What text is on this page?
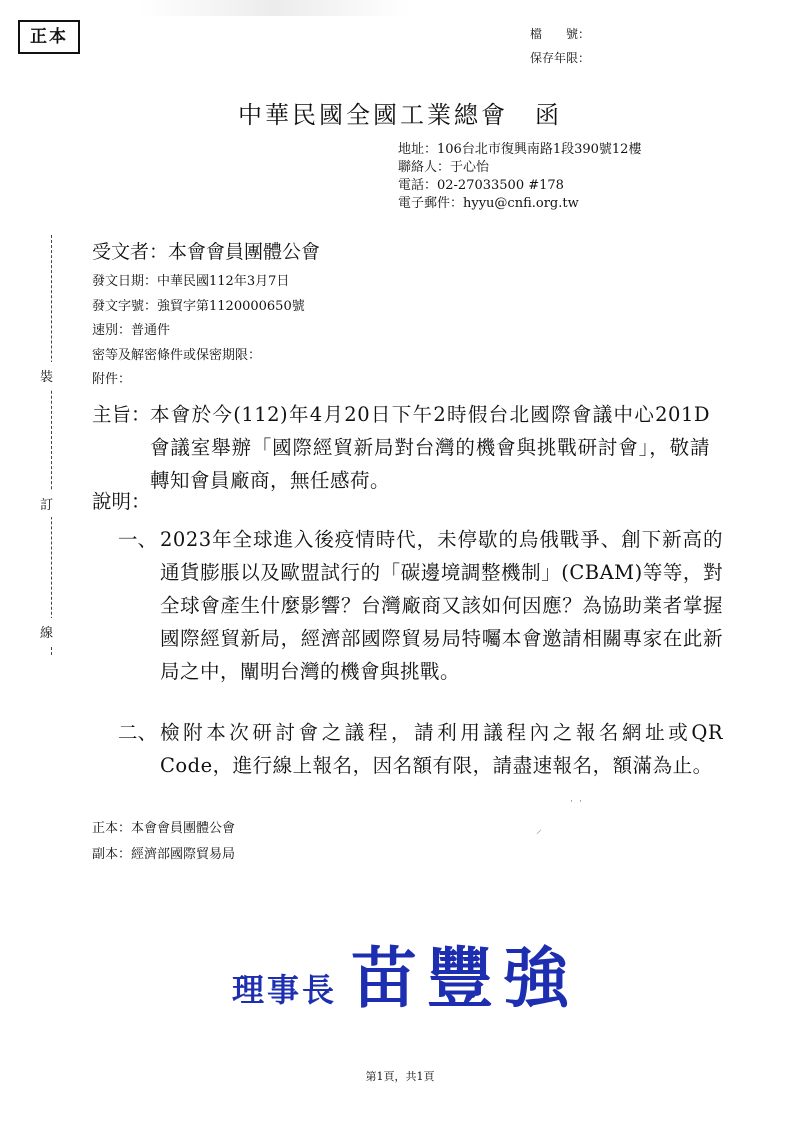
正本	檔　　號：
保存年限：
中華民國全國工業總會　函
地址：106台北市復興南路1段390號12樓
聯絡人：于心怡
電話：02-27033500 #178
電子郵件：hyyu@cnfi.org.tw
裝
訂
線
受文者：本會會員團體公會
發文日期：中華民國112年3月7日
發文字號：強貿字第1120000650號
速別：普通件
密等及解密條件或保密期限：
附件：
主旨： 本會於今(112)年4月20日下午2時假台北國際會議中心201D會議室舉辦「國際經貿新局對台灣的機會與挑戰研討會」，敬請轉知會員廠商，無任感荷。
說明：
一、 2023年全球進入後疫情時代，未停歇的烏俄戰爭、創下新高的通貨膨脹以及歐盟試行的「碳邊境調整機制」(CBAM)等等，對全球會產生什麼影響？台灣廠商又該如何因應？為協助業者掌握國際經貿新局，經濟部國際貿易局特囑本會邀請相關專家在此新局之中，闡明台灣的機會與挑戰。
二、 檢附本次研討會之議程，請利用議程內之報名網址或QR Code，進行線上報名，因名額有限，請盡速報名，額滿為止。
˙˙
⸝
正本：本會會員團體公會
副本：經濟部國際貿易局
理事長 苗豐強
第1頁，共1頁
